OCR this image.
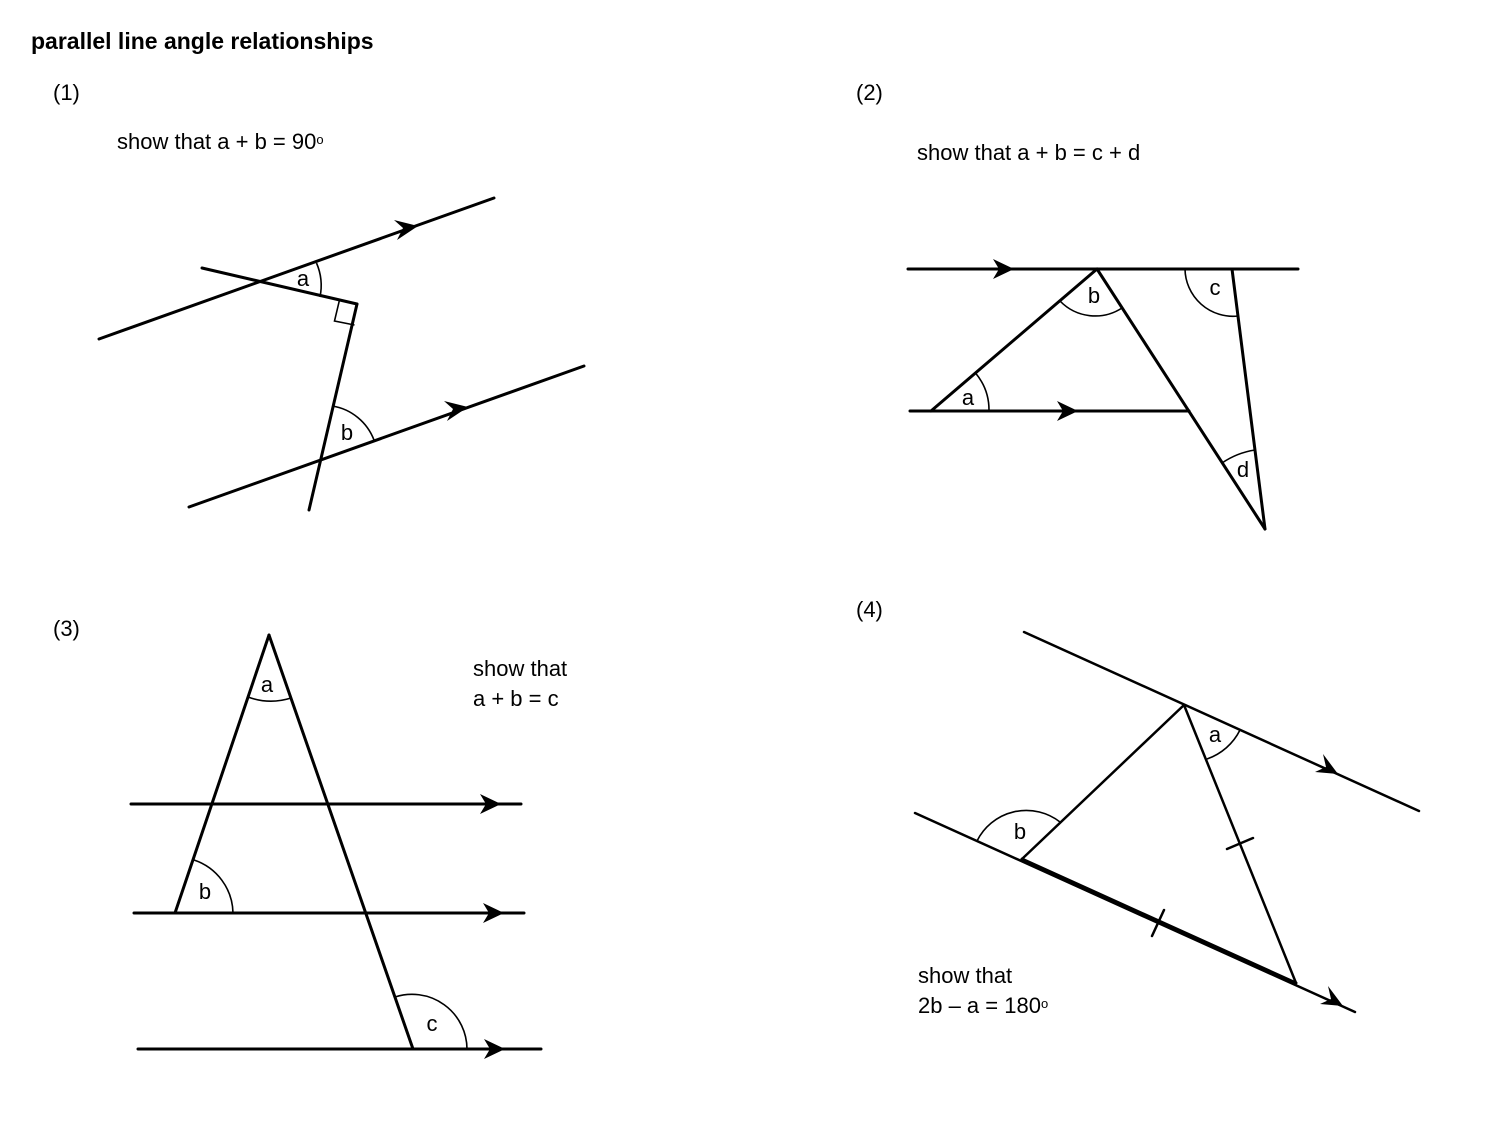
parallel line angle relationships
(1)
show that $a + b = 90^o$
(2)
show that a + b = c + d
(3)
show that
a + b = c
(4)
show that
$2b - a = 180^o$
a
b
a
b	c
d
a
b
c
a
b
